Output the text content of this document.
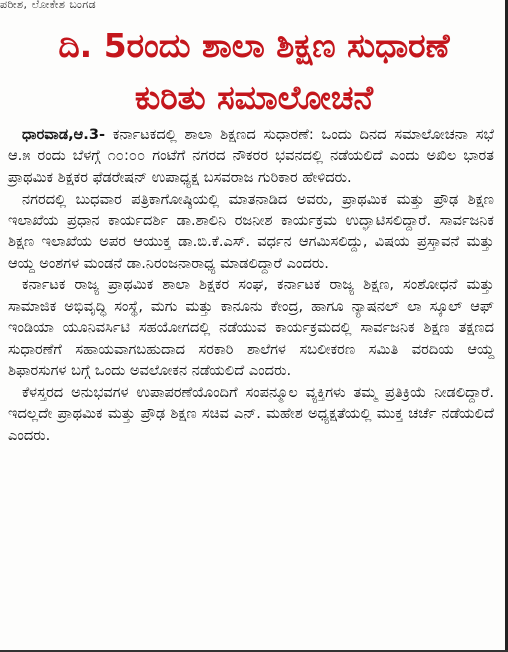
ಪರೀಶ, ಲೋಕೇಶ ಬಂಗಡ
ದಿ. 5ರಂದು ಶಾಲಾ ಶಿಕ್ಷಣ ಸುಧಾರಣೆ
ಕುರಿತು ಸಮಾಲೋಚನೆ

ಧಾರವಾಡ,ಆ.3- ಕರ್ನಾಟಕದಲ್ಲಿ ಶಾಲಾ ಶಿಕ್ಷಣದ ಸುಧಾರಣೆ: ಒಂದು ದಿನದ ಸಮಾಲೋಚನಾ ಸಭೆ ಆ.೫ ರಂದು ಬೆಳಗ್ಗೆ ೧೦:೦೦ ಗಂಟೆಗೆ ನಗರದ ನೌಕರರ ಭವನದಲ್ಲಿ ನಡೆಯಲಿದೆ ಎಂದು ಅಖಿಲ ಭಾರತ ಪ್ರಾಥಮಿಕ ಶಿಕ್ಷಕರ ಫೆಡರೇಷನ್ ಉಪಾಧ್ಯಕ್ಷ ಬಸವರಾಜ ಗುರಿಕಾರ ಹೇಳಿದರು.

ನಗರದಲ್ಲಿ ಬುಧವಾರ ಪತ್ರಿಕಾಗೋಷ್ಠಿಯಲ್ಲಿ ಮಾತನಾಡಿದ ಅವರು, ಪ್ರಾಥಮಿಕ ಮತ್ತು ಪ್ರೌಢ ಶಿಕ್ಷಣ ಇಲಾಖೆಯ ಪ್ರಧಾನ ಕಾರ್ಯದರ್ಶಿ ಡಾ.ಶಾಲಿನಿ ರಜನೀಶ ಕಾರ್ಯಕ್ರಮ ಉದ್ಘಾಟಿಸಲಿದ್ದಾರೆ. ಸಾರ್ವಜನಿಕ ಶಿಕ್ಷಣ ಇಲಾಖೆಯ ಅಪರ ಆಯುಕ್ತ ಡಾ.ಬಿ.ಕೆ.ಎಸ್. ವರ್ಧನ ಆಗಮಿಸಲಿದ್ದು, ವಿಷಯ ಪ್ರಸ್ತಾವನೆ ಮತ್ತು ಆಯ್ದ ಅಂಶಗಳ ಮಂಡನೆ ಡಾ.ನಿರಂಜನಾರಾಧ್ಯ ಮಾಡಲಿದ್ದಾರೆ ಎಂದರು.

ಕರ್ನಾಟಕ ರಾಜ್ಯ ಪ್ರಾಥಮಿಕ ಶಾಲಾ ಶಿಕ್ಷಕರ ಸಂಘ, ಕರ್ನಾಟಕ ರಾಜ್ಯ ಶಿಕ್ಷಣ, ಸಂಶೋಧನೆ ಮತ್ತು ಸಾಮಾಜಿಕ ಅಭಿವೃದ್ಧಿ ಸಂಸ್ಥೆ, ಮಗು ಮತ್ತು ಕಾನೂನು ಕೇಂದ್ರ, ಹಾಗೂ ನ್ಯಾಷನಲ್ ಲಾ ಸ್ಕೂಲ್ ಆಫ್ ಇಂಡಿಯಾ ಯೂನಿವರ್ಸಿಟಿ ಸಹಯೋಗದಲ್ಲಿ ನಡೆಯುವ ಕಾರ್ಯಕ್ರಮದಲ್ಲಿ ಸಾರ್ವಜನಿಕ ಶಿಕ್ಷಣ ತಕ್ಷಣದ ಸುಧಾರಣೆಗೆ ಸಹಾಯವಾಗಬಹುದಾದ ಸರಕಾರಿ ಶಾಲೆಗಳ ಸಬಲೀಕರಣ ಸಮಿತಿ ವರದಿಯ ಆಯ್ದ ಶಿಫಾರಸುಗಳ ಬಗ್ಗೆ ಒಂದು ಅವಲೋಕನ ನಡೆಯಲಿದೆ ಎಂದರು.

ಕೆಳಸ್ತರದ ಅನುಭವಗಳ ಉಪಾಪರಣೆಯೊಂದಿಗೆ ಸಂಪನ್ಮೂಲ ವ್ಯಕ್ತಿಗಳು ತಮ್ಮ ಪ್ರತಿಕ್ರಿಯೆ ನೀಡಲಿದ್ದಾರೆ. ಇದಲ್ಲದೇ ಪ್ರಾಥಮಿಕ ಮತ್ತು ಪ್ರೌಢ ಶಿಕ್ಷಣ ಸಚಿವ ಎನ್. ಮಹೇಶ ಅಧ್ಯಕ್ಷತೆಯಲ್ಲಿ ಮುಕ್ತ ಚರ್ಚೆ ನಡೆಯಲಿದೆ ಎಂದರು.
